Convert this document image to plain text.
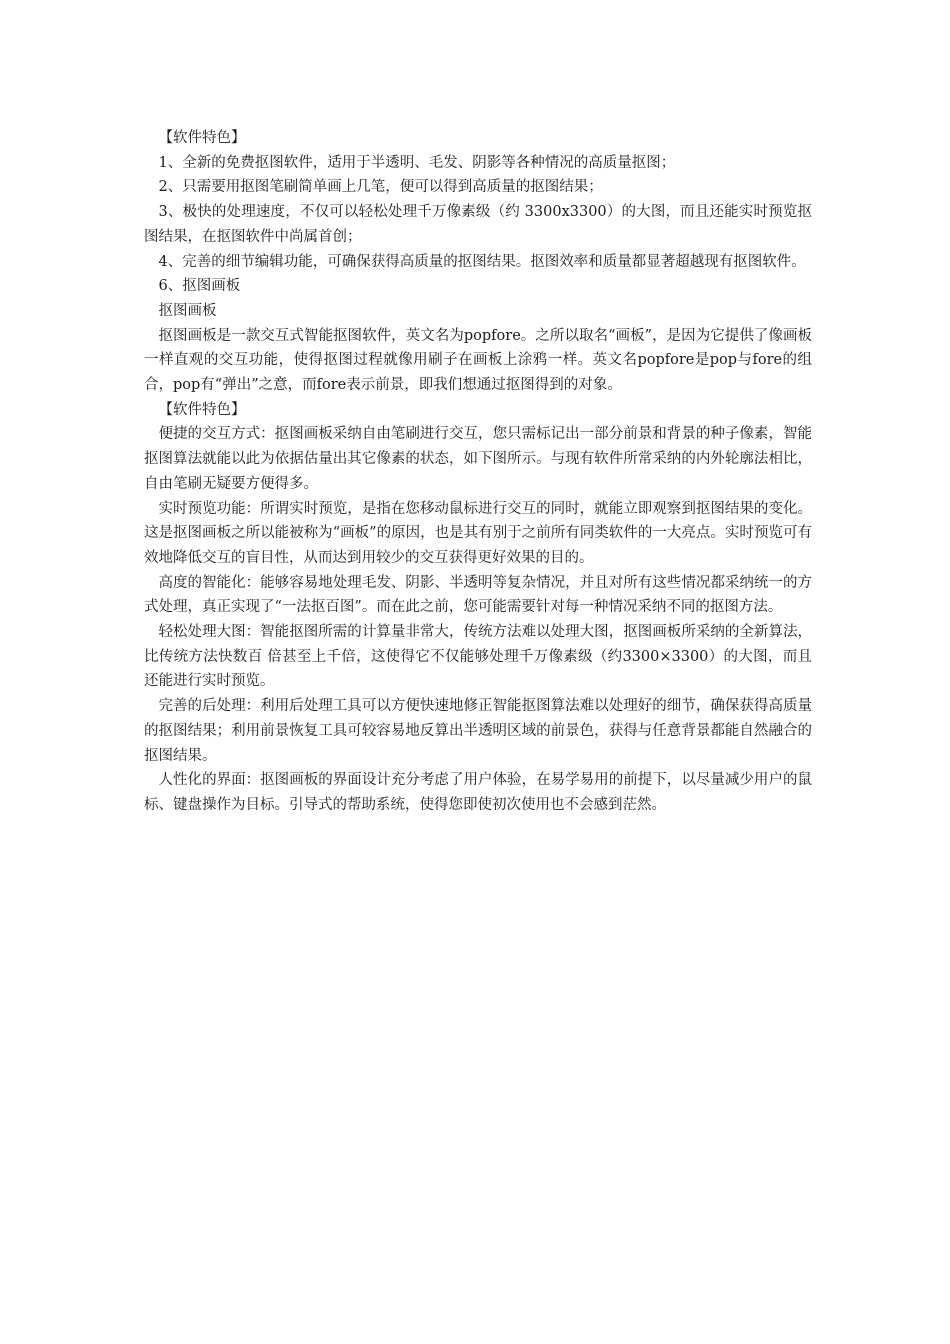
【软件特色】

1、全新的免费抠图软件，适用于半透明、毛发、阴影等各种情况的高质量抠图；

2、只需要用抠图笔刷简单画上几笔，便可以得到高质量的抠图结果；

3、极快的处理速度，不仅可以轻松处理千万像素级（约 3300x3300）的大图，而且还能实时预览抠图结果，在抠图软件中尚属首创；

4、完善的细节编辑功能，可确保获得高质量的抠图结果。抠图效率和质量都显著超越现有抠图软件。

6、抠图画板

抠图画板

抠图画板是一款交互式智能抠图软件，英文名为popfore。之所以取名“画板”，是因为它提供了像画板一样直观的交互功能，使得抠图过程就像用刷子在画板上涂鸦一样。英文名popfore是pop与fore的组合，pop有“弹出”之意，而fore表示前景，即我们想通过抠图得到的对象。

【软件特色】

便捷的交互方式：抠图画板采纳自由笔刷进行交互，您只需标记出一部分前景和背景的种子像素，智能抠图算法就能以此为依据估量出其它像素的状态，如下图所示。与现有软件所常采纳的内外轮廓法相比，自由笔刷无疑要方便得多。

实时预览功能：所谓实时预览，是指在您移动鼠标进行交互的同时，就能立即观察到抠图结果的变化。这是抠图画板之所以能被称为“画板”的原因，也是其有别于之前所有同类软件的一大亮点。实时预览可有效地降低交互的盲目性，从而达到用较少的交互获得更好效果的目的。

高度的智能化：能够容易地处理毛发、阴影、半透明等复杂情况，并且对所有这些情况都采纳统一的方式处理，真正实现了“一法抠百图”。而在此之前，您可能需要针对每一种情况采纳不同的抠图方法。

轻松处理大图：智能抠图所需的计算量非常大，传统方法难以处理大图，抠图画板所采纳的全新算法，比传统方法快数百 倍甚至上千倍，这使得它不仅能够处理千万像素级（约3300×3300）的大图，而且还能进行实时预览。

完善的后处理：利用后处理工具可以方便快速地修正智能抠图算法难以处理好的细节，确保获得高质量的抠图结果；利用前景恢复工具可较容易地反算出半透明区域的前景色，获得与任意背景都能自然融合的抠图结果。

人性化的界面：抠图画板的界面设计充分考虑了用户体验，在易学易用的前提下，以尽量减少用户的鼠标、键盘操作为目标。引导式的帮助系统，使得您即使初次使用也不会感到茫然。
